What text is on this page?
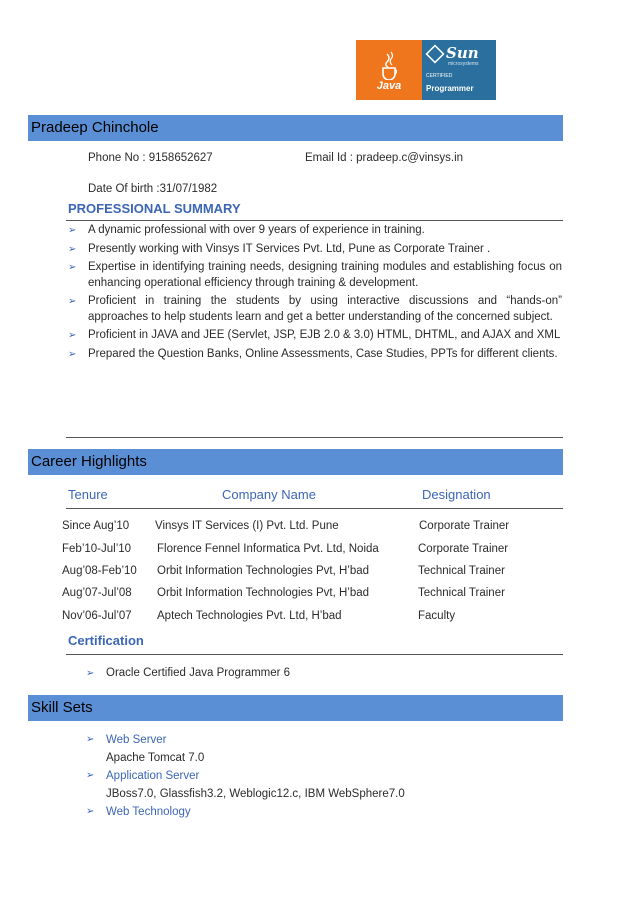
Java
Sun
microsystems
CERTIFIED
Programmer
Pradeep Chinchole
Phone No : 9158652627	Email Id : pradeep.c@vinsys.in
Date Of birth :31/07/1982
PROFESSIONAL SUMMARY
➢ A dynamic professional with over 9 years of experience in training.
➢ Presently working with Vinsys IT Services Pvt. Ltd, Pune as Corporate Trainer .
➢ Expertise in identifying training needs, designing training modules and establishing focus on enhancing operational efficiency through training & development.
➢ Proficient in training the students by using interactive discussions and “hands-on” approaches to help students learn and get a better understanding of the concerned subject.
➢ Proficient in JAVA and JEE (Servlet, JSP, EJB 2.0 & 3.0) HTML, DHTML, and AJAX and XML
➢ Prepared the Question Banks, Online Assessments, Case Studies, PPTs for different clients.
Career Highlights
Tenure	Company Name	Designation
Since Aug’10 Vinsys IT Services (I) Pvt. Ltd. Pune	Corporate Trainer
Feb’10-Jul’10 Florence Fennel Informatica Pvt. Ltd, Noida	Corporate Trainer
Aug’08-Feb’10 Orbit Information Technologies Pvt, H’bad	Technical Trainer
Aug’07-Jul’08 Orbit Information Technologies Pvt, H’bad	Technical Trainer
Nov’06-Jul’07 Aptech Technologies Pvt. Ltd, H’bad	Faculty
Certification
➢ Oracle Certified Java Programmer 6
Skill Sets
➢ Web Server
Apache Tomcat 7.0
➢ Application Server
JBoss7.0, Glassfish3.2, Weblogic12.c, IBM WebSphere7.0
➢ Web Technology
